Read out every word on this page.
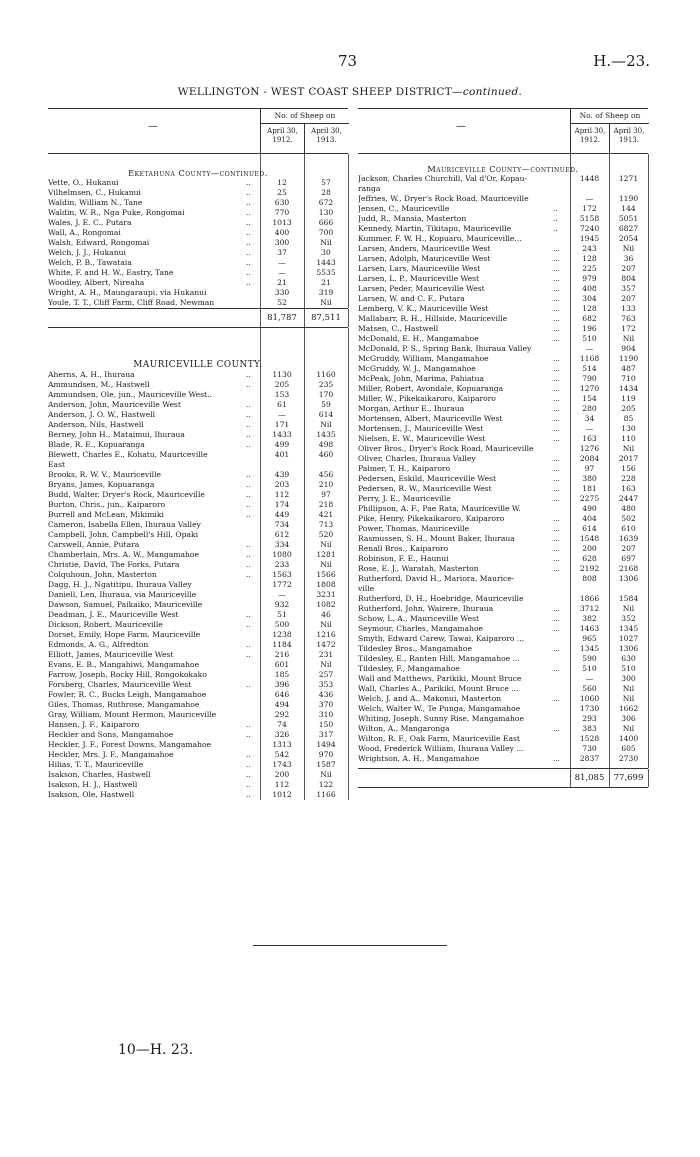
73	H.—23.
WELLINGTON - WEST COAST SHEEP DISTRICT—continued.
—
No. of Sheep on
April 30, 1912.
April 30, 1913.
Eketahuna County—continued.
Vette, O., Hukanui	..	12	57
Vilhelmsen, C., Hukanui	..	25	28
Waldin, William N., Tane	..	630	672
Waldin, W. R., Nga Puke, Rongomai	..	770	130
Wales, J. E. C., Putara	..	1013	666
Wall, A., Rongomai	..	400	700
Walsh, Edward, Rongomai	..	300	Nil
Welch, J. J., Hukanui	..	37	30
Welch, P. B., Tawataia	..	—	1443
White, F. and H. W., Eastry, Tane	..	—	5535
Woodley, Albert, Nireaha	..	21	21
Wright, A. H., Maungaraupi, via Hukanui	330	319
Youle, T. T., Cliff Farm, Cliff Road, Newman	52	Nil
81,787	87,511
MAURICEVILLE COUNTY.
Aherns, A. H., Ihuraua	..	1130	1160
Ammundsen, M., Hastwell	..	205	235
Ammundsen, Ole, jun., Mauriceville West..	153	170
Anderson, John, Mauriceville West	..	61	59
Anderson, J. O. W., Hastwell	..	—	614
Anderson, Nils, Hastwell	..	171	Nil
Berney, John H., Mataimui, Ihuraua	..	1433	1435
Blade, R. E., Kopuaranga	..	499	498
Blewett, Charles E., Kohatu, Mauriceville	401	460
East
Brooks, R. W. V., Mauriceville	..	439	456
Bryans, James, Kopuaranga	..	203	210
Budd, Walter, Dryer's Rock, Mauriceville	..	112	97
Burton, Chris., jun., Kaiparoro	..	174	218
Burrell and McLean, Mikimiki	..	449	421
Cameron, Isabella Ellen, Ihuraua Valley	734	713
Campbell, John, Campbell's Hill, Opaki	612	520
Carswell, Annie, Putara	..	334	Nil
Chamberlain, Mrs. A. W., Mangamahoe	..	1080	1281
Christie, David, The Forks, Putara	..	233	Nil
Colquhoun, John, Masterton	..	1563	1566
Dagg, H. J., Ngatitipu, Ihuraua Valley	1772	1808
Daniell, Len, Ihuraua, via Mauriceville	—	3231
Dawson, Samuel, Paikaiko, Mauriceville	932	1082
Deadman, J. E., Mauriceville West	..	51	46
Dickson, Robert, Mauriceville	..	500	Nil
Dorset, Emily, Hope Farm, Mauriceville	1238	1216
Edmonds, A. G., Alfredton	..	1184	1472
Elliott, James, Mauriceville West	..	216	231
Evans, E. B., Mangahiwi, Mangamahoe	601	Nil
Farrow, Joseph, Rocky Hill, Rongokokako	185	257
Forsberg, Charles, Mauriceville West	..	396	353
Fowler, R. C., Bucks Leigh, Mangamahoe	646	436
Giles, Thomas, Ruthrose, Mangamahoe	494	370
Gray, William, Mount Hermon, Mauriceville	292	310
Hansen, J. F., Kaiparoro	..	74	150
Heckler and Sons, Mangamahoe	..	326	317
Heckler, J. F., Forest Downs, Mangamahoe	1313	1494
Heckler, Mrs. J. F., Mangamahoe	..	542	970
Hilias, T. T., Mauriceville	..	1743	1587
Isakson, Charles, Hastwell	..	200	Nil
Isakson, H. J., Hastwell	..	112	122
Isakson, Ole, Hastwell	..	1012	1166
—
No. of Sheep on
April 30, 1912.
April 30, 1913.
Mauriceville County—continued.
Jackson, Charles Churchill, Val d'Or, Kopau-	1448	1271
ranga
Jeffries, W., Dryer's Rock Road, Mauriceville	—	1190
Jensen, C., Mauriceville	..	172	144
Judd, R., Mansia, Masterton	..	5158	5051
Kennedy, Martin, Tikitapu, Mauriceville	..	7240	6827
Kummer, F. W. H., Kopuaro, Mauriceville...	1945	2054
Larsen, Anders, Mauriceville West	...	243	Nil
Larsen, Adolph, Mauriceville West	...	128	36
Larsen, Lars, Mauriceville West	...	225	207
Larsen, L. P., Mauriceville West	...	979	804
Larsen, Peder, Mauriceville West	...	408	357
Larsen, W. and C. F., Putara	...	304	207
Lemberg, V. K., Mauriceville West	...	128	133
Mallabarr, R. H., Hillside, Mauriceville	...	682	763
Matsen, C., Hastwell	...	196	172
McDonald, E. H., Mangamahoe	...	510	Nil
McDonald, P. S., Spring Bank, Ihuraua Valley	—	904
McGruddy, William, Mangamahoe	...	1168	1190
McGruddy, W. J., Mangamahoe	...	514	487
McPeak, John, Marima, Pahiatua	...	790	710
Miller, Robert, Avondale, Kopuaranga	...	1270	1434
Miller, W., Pikekaikaroro, Kaiparoro	...	154	119
Morgan, Arthur E., Ihuraua	...	280	205
Mortensen, Albert, Mauriceville West	...	34	85
Mortensen, J., Mauriceville West	...	—	130
Nielsen, E. W., Mauriceville West	...	163	110
Oliver Bros., Dryer's Rock Road, Mauriceville	1276	Nil
Oliver, Charles, Ihuraua Valley	...	2084	2017
Palmer, T. H., Kaiparoro	...	97	156
Pedersen, Eskild, Mauriceville West	...	380	228
Pedersen, R. W., Mauriceville West	...	181	163
Perry, J. E., Mauriceville	...	2275	2447
Phillipson, A. F., Pae Rata, Mauriceville W.	490	480
Pike, Henry, Pikekaikaroro, Kaiparoro	...	404	502
Power, Thomas, Mauriceville	...	614	610
Rasmussen, S. H., Mount Baker, Ihuraua	...	1548	1639
Renall Bros., Kaiparoro	...	200	207
Robinson, F. E., Haunui	...	628	697
Rose, E. J., Waratah, Masterton	...	2192	2168
Rutherford, David H., Mariora, Maurice-	808	1306
ville
Rutherford, D. H., Hoebridge, Mauriceville	1866	1584
Rutherford, John, Wairere, Ihuraua	...	3712	Nil
Schow, L. A., Mauriceville West	...	382	352
Seymour, Charles, Mangamahoe	...	1463	1345
Smyth, Edward Carew, Tawai, Kaiparoro ...	965	1027
Tildesley Bros., Mangamahoe	...	1345	1306
Tildesley, E., Ranten Hill, Mangamahoe ...	590	630
Tildesley, F., Mangamahoe	...	510	510
Wall and Matthews, Parikiki, Mount Bruce	—	300
Wall, Charles A., Parikiki, Mount Bruce ...	560	Nil
Welch, J. and A., Makonui, Masterton	...	1060	Nil
Welch, Walter W., Te Punga, Mangamahoe	1730	1662
Whiting, Joseph, Sunny Rise, Mangamahoe	293	306
Wilton, A., Mangaronga	...	383	Nil
Wilton, R. F., Oak Farm, Mauriceville East	1528	1400
Wood, Frederick William, Ihuraua Valley ...	730	605
Wrightson, A. H., Mangamahoe	...	2837	2730
81,085	77,699
10—H. 23.
